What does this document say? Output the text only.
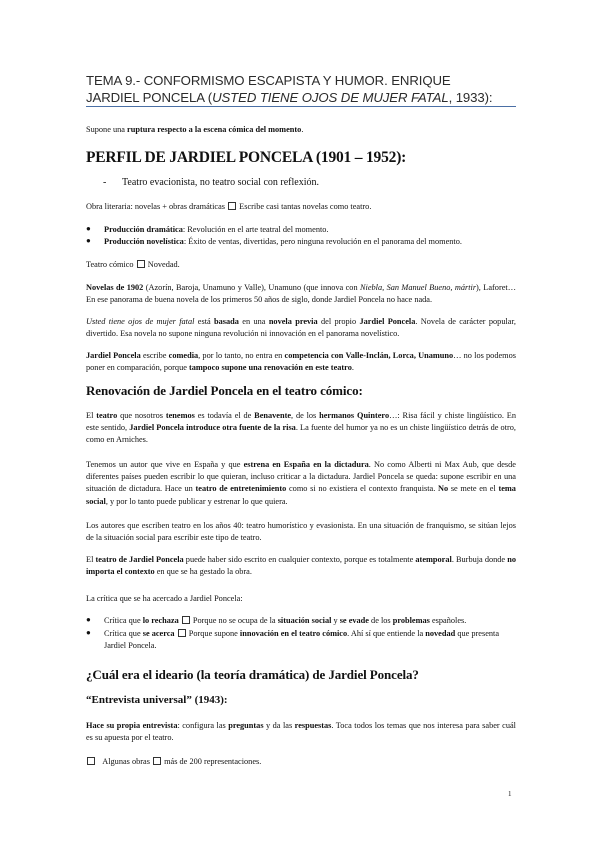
TEMA 9.- CONFORMISMO ESCAPISTA Y HUMOR. ENRIQUE
JARDIEL PONCELA (USTED TIENE OJOS DE MUJER FATAL, 1933):
Supone una ruptura respecto a la escena cómica del momento.
PERFIL DE JARDIEL PONCELA (1901 – 1952):
- Teatro evacionista, no teatro social con reflexión.
Obra literaria: novelas + obras dramáticas Escribe casi tantas novelas como teatro.
●	Producción dramática: Revolución en el arte teatral del momento.
●	Producción novelística: Éxito de ventas, divertidas, pero ninguna revolución en el panorama del momento.
Teatro cómico Novedad.
Novelas de 1902 (Azorín, Baroja, Unamuno y Valle), Unamuno (que innova con Niebla, San Manuel Bueno, mártir), Laforet… En ese panorama de buena novela de los primeros 50 años de siglo, donde Jardiel Poncela no hace nada.
Usted tiene ojos de mujer fatal está basada en una novela previa del propio Jardiel Poncela. Novela de carácter popular, divertido. Esa novela no supone ninguna revolución ni innovación en el panorama novelístico.
Jardiel Poncela escribe comedia, por lo tanto, no entra en competencia con Valle-Inclán, Lorca, Unamuno… no los podemos poner en comparación, porque tampoco supone una renovación en este teatro.
Renovación de Jardiel Poncela en el teatro cómico:
El teatro que nosotros tenemos es todavía el de Benavente, de los hermanos Quintero…: Risa fácil y chiste lingüístico. En este sentido, Jardiel Poncela introduce otra fuente de la risa. La fuente del humor ya no es un chiste lingüístico detrás de otro, como en Arniches.
Tenemos un autor que vive en España y que estrena en España en la dictadura. No como Alberti ni Max Aub, que desde diferentes países pueden escribir lo que quieran, incluso criticar a la dictadura. Jardiel Poncela se queda: supone escribir en una situación de dictadura. Hace un teatro de entretenimiento como si no existiera el contexto franquista. No se mete en el tema social, y por lo tanto puede publicar y estrenar lo que quiera.
Los autores que escriben teatro en los años 40: teatro humorístico y evasionista. En una situación de franquismo, se sitúan lejos de la situación social para escribir este tipo de teatro.
El teatro de Jardiel Poncela puede haber sido escrito en cualquier contexto, porque es totalmente atemporal. Burbuja donde no importa el contexto en que se ha gestado la obra.
La crítica que se ha acercado a Jardiel Poncela:
●	Crítica que lo rechaza  Porque no se ocupa de la situación social y se evade de los problemas españoles.
●	Crítica que se acerca  Porque supone innovación en el teatro cómico. Ahí sí que entiende la novedad que presenta Jardiel Poncela.
¿Cuál era el ideario (la teoría dramática) de Jardiel Poncela?
“Entrevista universal” (1943):
Hace su propia entrevista: configura las preguntas y da las respuestas. Toca todos los temas que nos interesa para saber cuál es su apuesta por el teatro.
Algunas obras más de 200 representaciones.
1
